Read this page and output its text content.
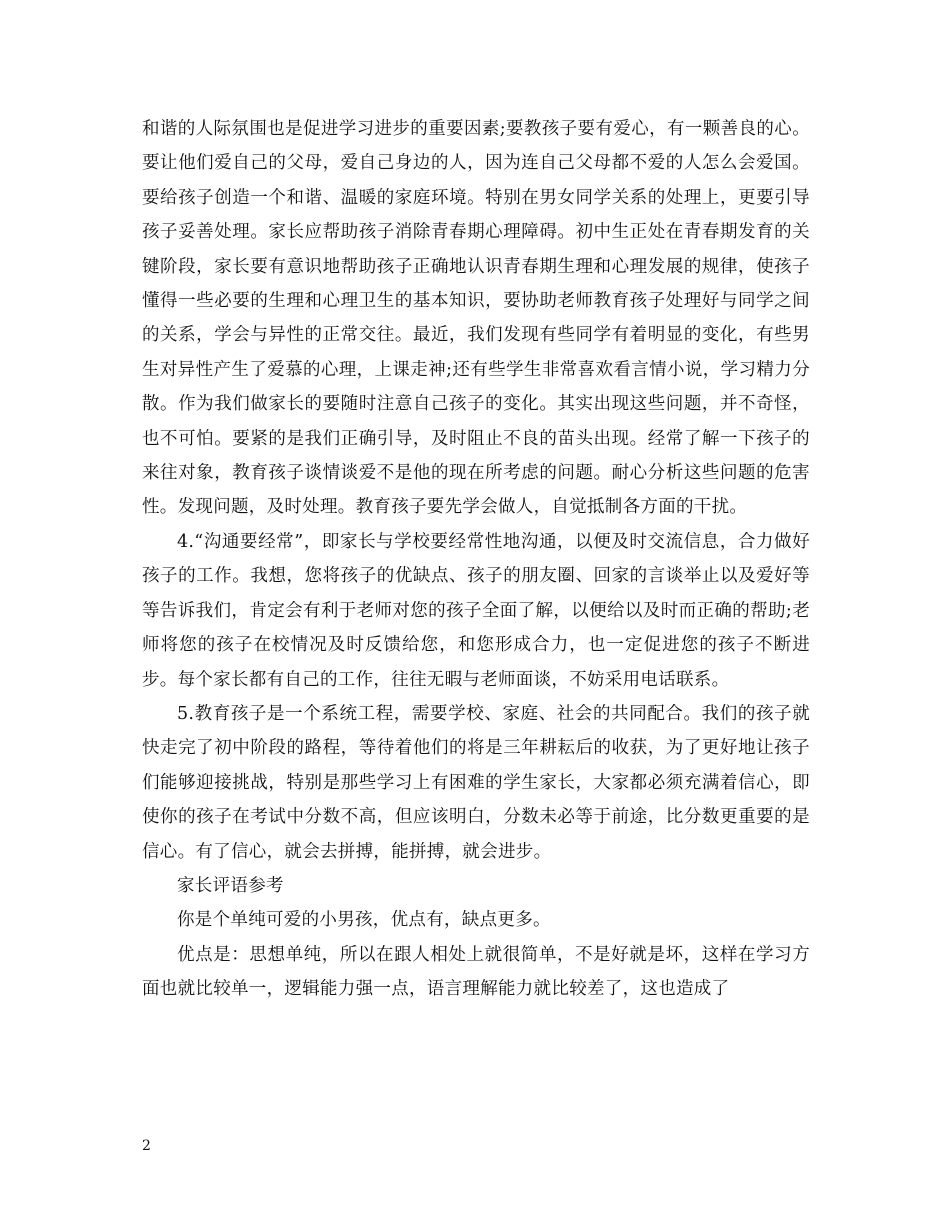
和谐的人际氛围也是促进学习进步的重要因素;要教孩子要有爱心，有一颗善良的心。要让他们爱自己的父母，爱自己身边的人，因为连自己父母都不爱的人怎么会爱国。要给孩子创造一个和谐、温暖的家庭环境。特别在男女同学关系的处理上，更要引导孩子妥善处理。家长应帮助孩子消除青春期心理障碍。初中生正处在青春期发育的关键阶段，家长要有意识地帮助孩子正确地认识青春期生理和心理发展的规律，使孩子懂得一些必要的生理和心理卫生的基本知识，要协助老师教育孩子处理好与同学之间的关系，学会与异性的正常交往。最近，我们发现有些同学有着明显的变化，有些男生对异性产生了爱慕的心理，上课走神;还有些学生非常喜欢看言情小说，学习精力分散。作为我们做家长的要随时注意自己孩子的变化。其实出现这些问题，并不奇怪，也不可怕。要紧的是我们正确引导，及时阻止不良的苗头出现。经常了解一下孩子的来往对象，教育孩子谈情谈爱不是他的现在所考虑的问题。耐心分析这些问题的危害性。发现问题，及时处理。教育孩子要先学会做人，自觉抵制各方面的干扰。

4.“沟通要经常”，即家长与学校要经常性地沟通，以便及时交流信息，合力做好孩子的工作。我想，您将孩子的优缺点、孩子的朋友圈、回家的言谈举止以及爱好等等告诉我们，肯定会有利于老师对您的孩子全面了解，以便给以及时而正确的帮助;老师将您的孩子在校情况及时反馈给您，和您形成合力，也一定促进您的孩子不断进步。每个家长都有自己的工作，往往无暇与老师面谈，不妨采用电话联系。

5.教育孩子是一个系统工程，需要学校、家庭、社会的共同配合。我们的孩子就快走完了初中阶段的路程，等待着他们的将是三年耕耘后的收获，为了更好地让孩子们能够迎接挑战，特别是那些学习上有困难的学生家长，大家都必须充满着信心，即使你的孩子在考试中分数不高，但应该明白，分数未必等于前途，比分数更重要的是信心。有了信心，就会去拼搏，能拼搏，就会进步。

家长评语参考

你是个单纯可爱的小男孩，优点有，缺点更多。

优点是：思想单纯，所以在跟人相处上就很简单，不是好就是坏，这样在学习方面也就比较单一，逻辑能力强一点，语言理解能力就比较差了，这也造成了

2
